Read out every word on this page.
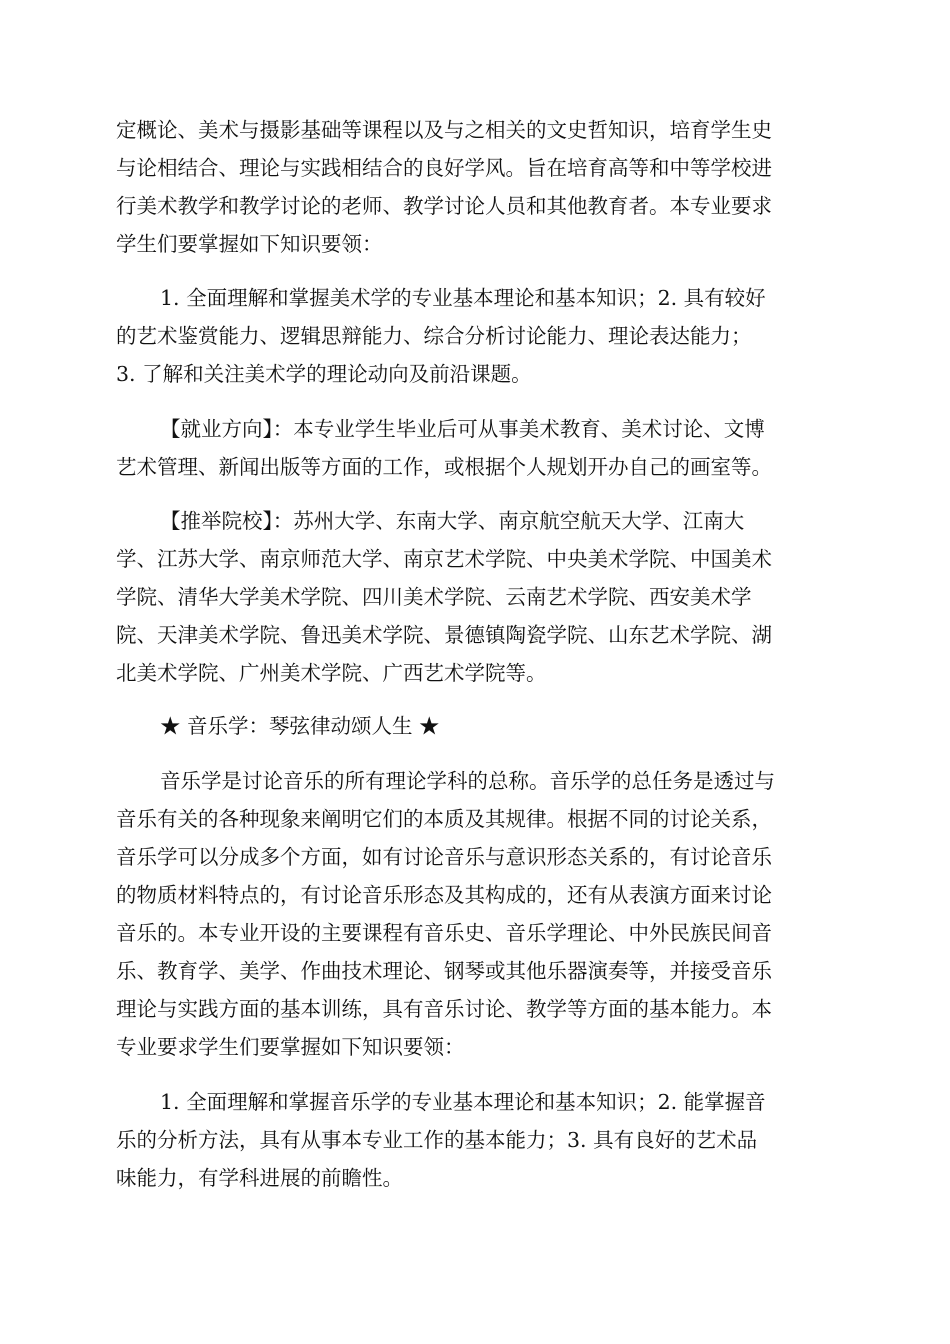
定概论、美术与摄影基础等课程以及与之相关的文史哲知识，培育学生史
与论相结合、理论与实践相结合的良好学风。旨在培育高等和中等学校进
行美术教学和教学讨论的老师、教学讨论人员和其他教育者。本专业要求
学生们要掌握如下知识要领：
1. 全面理解和掌握美术学的专业基本理论和基本知识；2. 具有较好
的艺术鉴赏能力、逻辑思辩能力、综合分析讨论能力、理论表达能力；
3. 了解和关注美术学的理论动向及前沿课题。
【就业方向】：本专业学生毕业后可从事美术教育、美术讨论、文博
艺术管理、新闻出版等方面的工作，或根据个人规划开办自己的画室等。
【推举院校】：苏州大学、东南大学、南京航空航天大学、江南大
学、江苏大学、南京师范大学、南京艺术学院、中央美术学院、中国美术
学院、清华大学美术学院、四川美术学院、云南艺术学院、西安美术学
院、天津美术学院、鲁迅美术学院、景德镇陶瓷学院、山东艺术学院、湖
北美术学院、广州美术学院、广西艺术学院等。
★ 音乐学：琴弦律动颂人生 ★
音乐学是讨论音乐的所有理论学科的总称。音乐学的总任务是透过与
音乐有关的各种现象来阐明它们的本质及其规律。根据不同的讨论关系，
音乐学可以分成多个方面，如有讨论音乐与意识形态关系的，有讨论音乐
的物质材料特点的，有讨论音乐形态及其构成的，还有从表演方面来讨论
音乐的。本专业开设的主要课程有音乐史、音乐学理论、中外民族民间音
乐、教育学、美学、作曲技术理论、钢琴或其他乐器演奏等，并接受音乐
理论与实践方面的基本训练，具有音乐讨论、教学等方面的基本能力。本
专业要求学生们要掌握如下知识要领：
1. 全面理解和掌握音乐学的专业基本理论和基本知识；2. 能掌握音
乐的分析方法，具有从事本专业工作的基本能力；3. 具有良好的艺术品
味能力，有学科进展的前瞻性。
